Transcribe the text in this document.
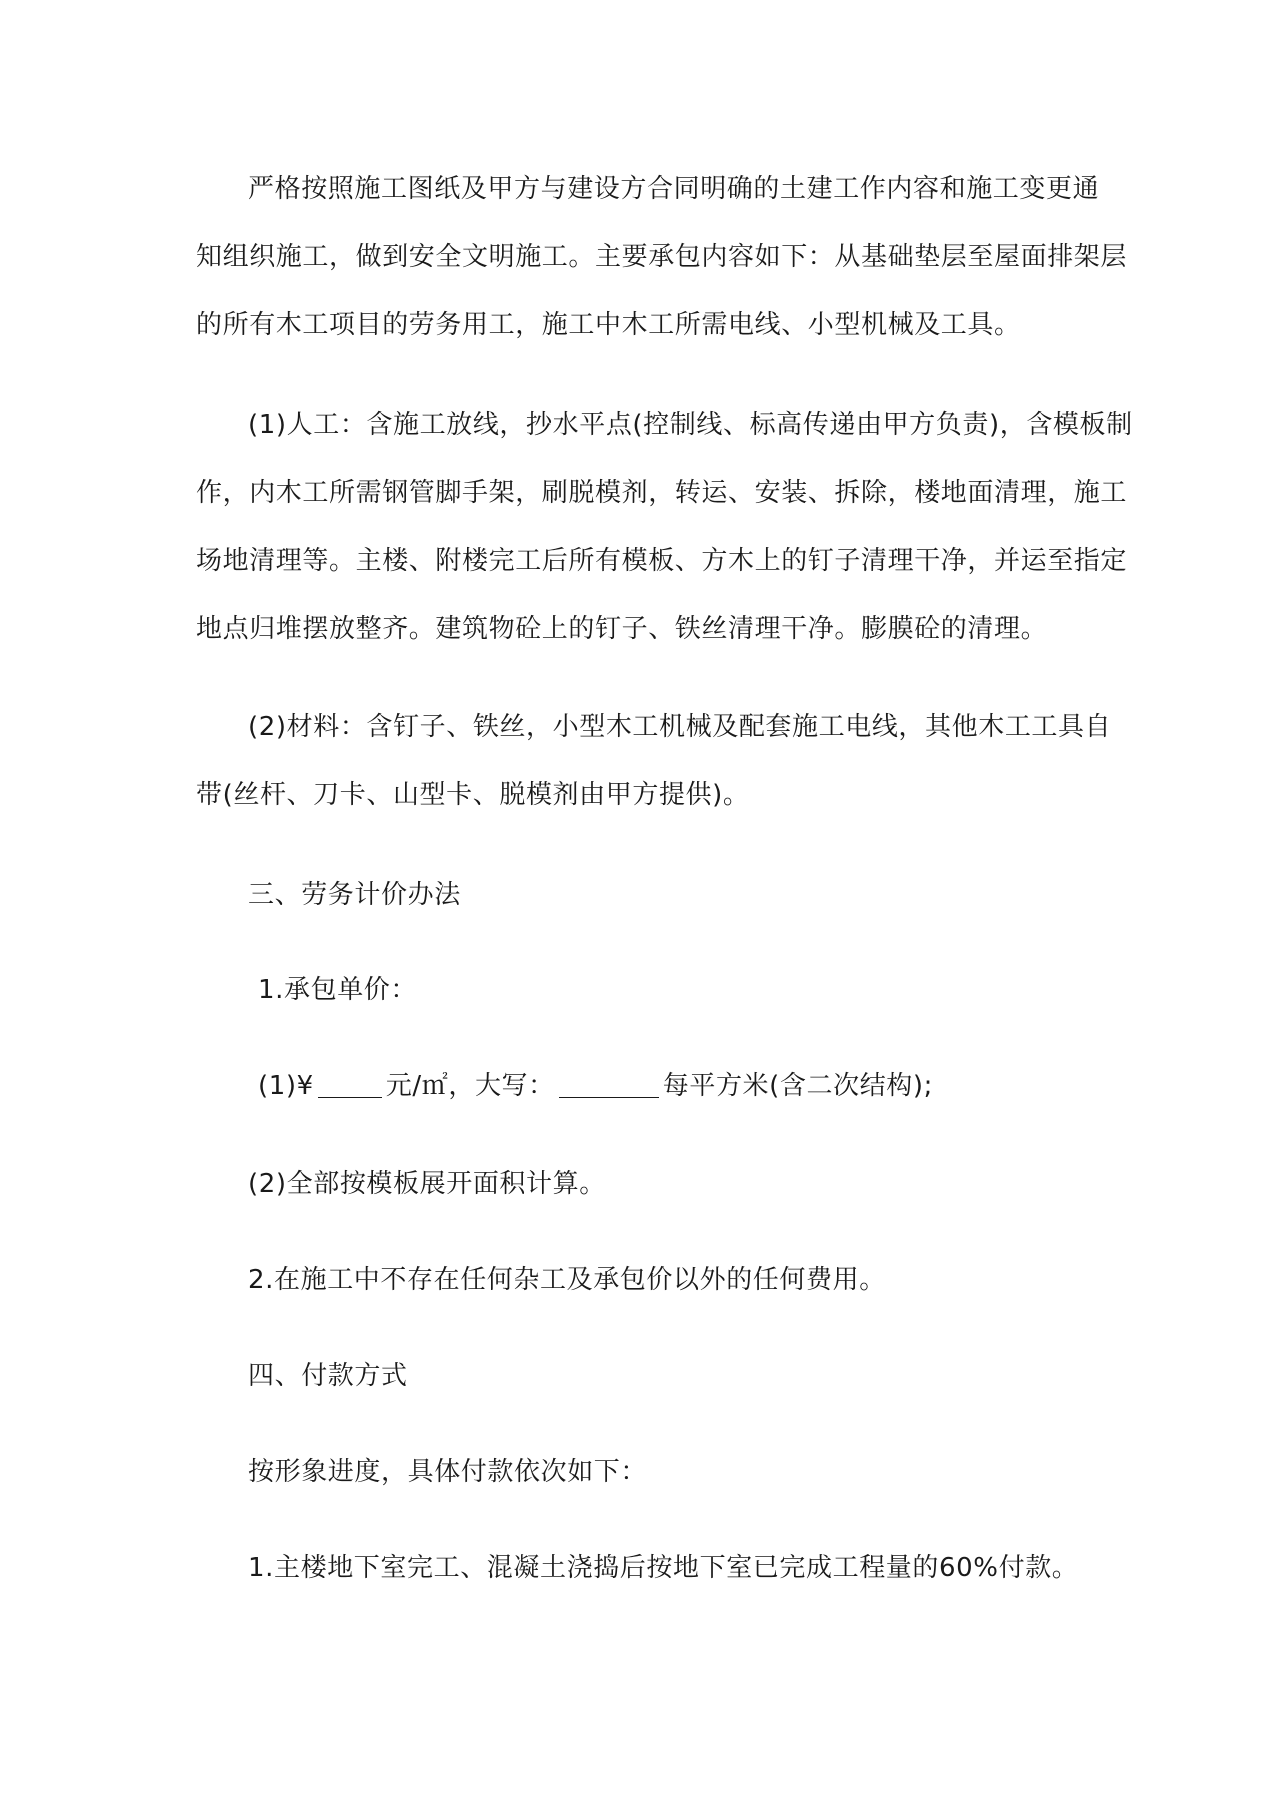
严格按照施工图纸及甲方与建设方合同明确的土建工作内容和施工变更通
知组织施工，做到安全文明施工。主要承包内容如下：从基础垫层至屋面排架层
的所有木工项目的劳务用工，施工中木工所需电线、小型机械及工具。
(1)人工：含施工放线，抄水平点(控制线、标高传递由甲方负责)，含模板制
作，内木工所需钢管脚手架，刷脱模剂，转运、安装、拆除，楼地面清理，施工
场地清理等。主楼、附楼完工后所有模板、方木上的钉子清理干净，并运至指定
地点归堆摆放整齐。建筑物砼上的钉子、铁丝清理干净。膨膜砼的清理。
(2)材料：含钉子、铁丝，小型木工机械及配套施工电线，其他木工工具自
带(丝杆、刀卡、山型卡、脱模剂由甲方提供)。
三、劳务计价办法
1.承包单价：
(1)¥	元/㎡，大写：	每平方米(含二次结构);
(2)全部按模板展开面积计算。
2.在施工中不存在任何杂工及承包价以外的任何费用。
四、付款方式
按形象进度，具体付款依次如下：
1.主楼地下室完工、混凝土浇捣后按地下室已完成工程量的60%付款。
